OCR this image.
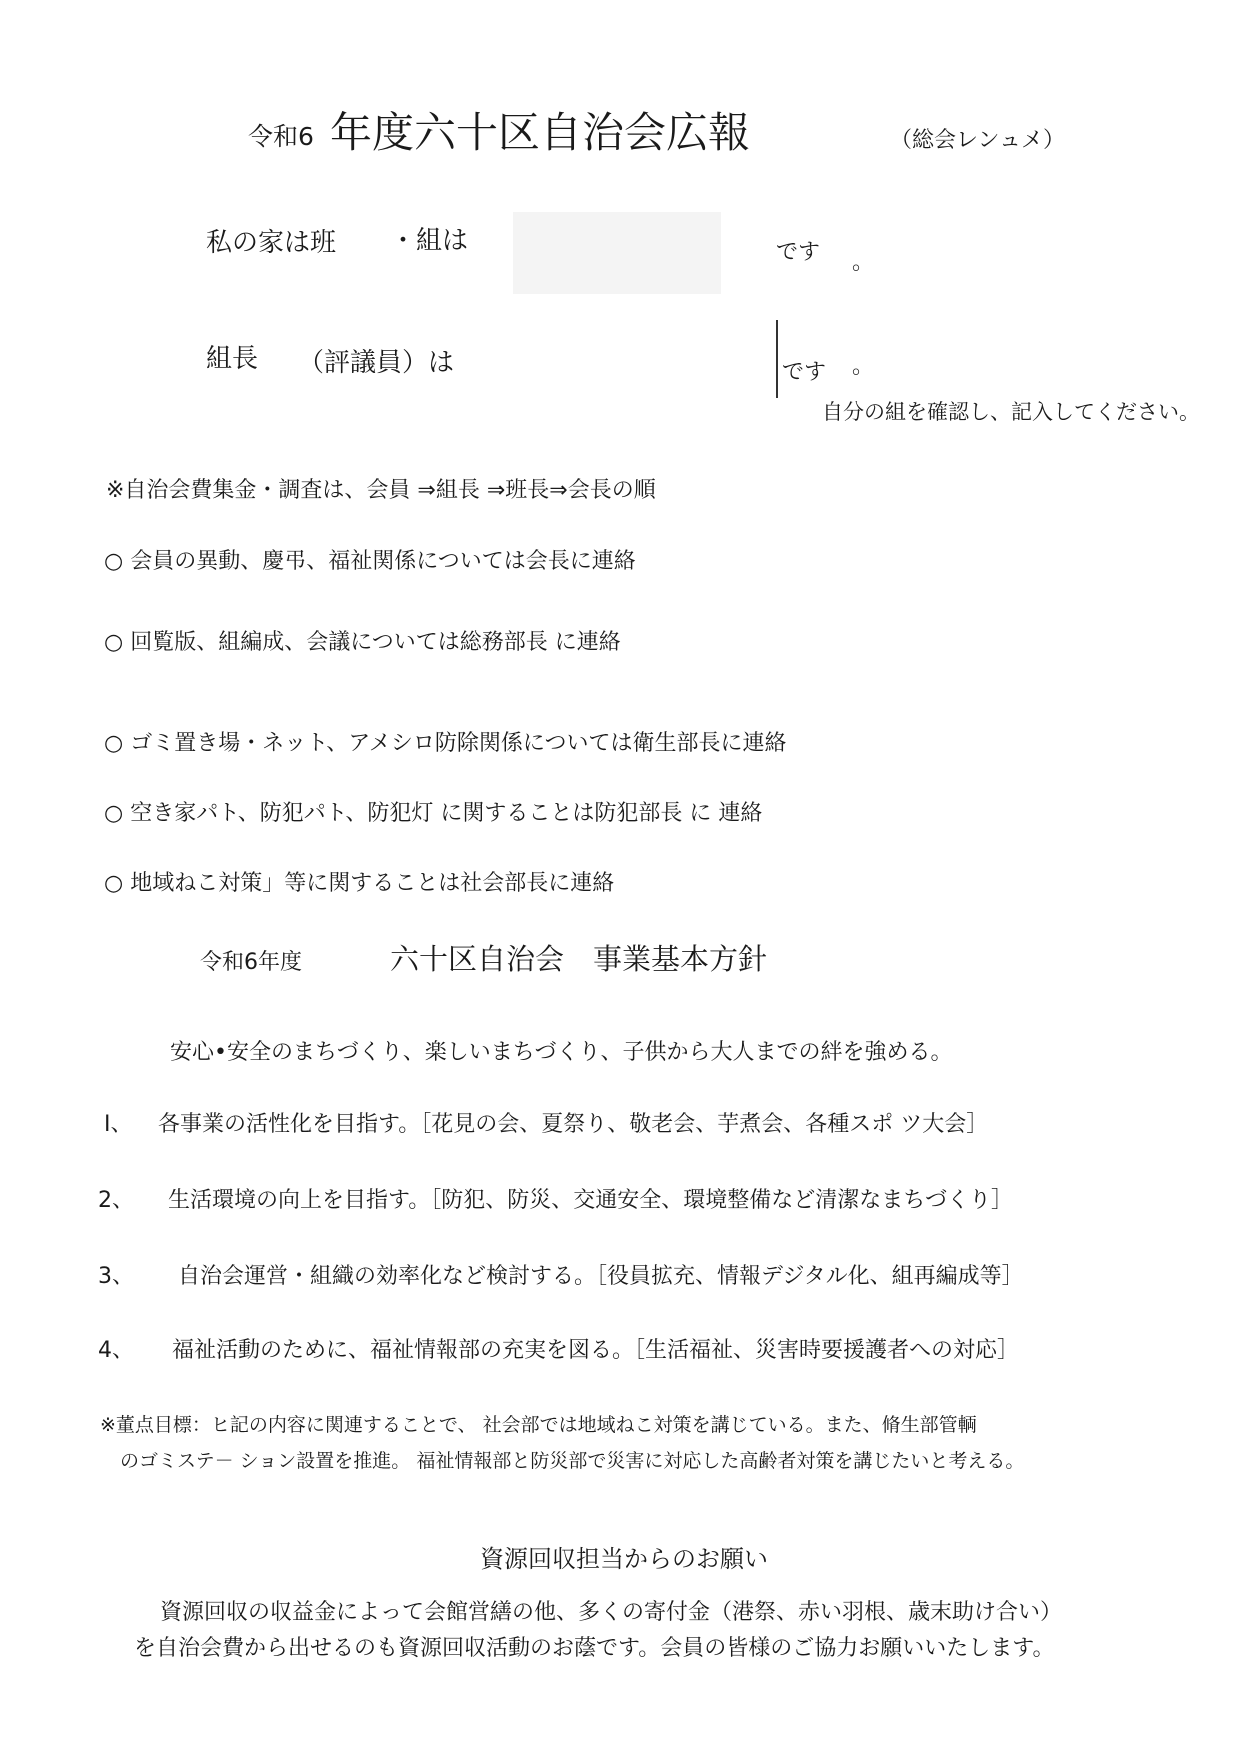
令和6 年度六十区自治会広報	（総会レンュメ）
私の家は班 ・組は	です 。
組長 （評議員）は	です 。
自分の組を確認し、記入してください。
※自治会費集金・調査は、会員 ⇒組長 ⇒班長⇒会長の順
○ 会員の異動、慶弔、福祉関係については会長に連絡
○ 回覧版、組編成、会議については総務部長 に連絡
○ ゴミ置き場・ネット、アメシロ防除関係については衛生部長に連絡
○ 空き家パト、防犯パト、防犯灯 に関することは防犯部長 に 連絡
○ 地域ねこ対策」等に関することは社会部長に連絡
令和6年度	六十区自治会　事業基本方針
安心•安全のまちづくり、楽しいまちづくり、子供から大人までの絆を強める。
I、 各事業の活性化を目指す。［花見の会、夏祭り、敬老会、芋煮会、各種スポ ツ大会］
2、 生活環境の向上を目指す。［防犯、防災、交通安全、環境整備など清潔なまちづくり］
3、 自治会運営・組織の効率化など検討する。［役員拡充、情報デジタル化、組再編成等］
4、 福祉活動のために、福祉情報部の充実を図る。［生活福祉、災害時要援護者への対応］
※董点目標：ヒ記の内容に関連することで、 社会部では地域ねこ対策を講じている。また、脩生部管輌
のゴミステ－ ション設置を推進。 福祉情報部と防災部で災害に対応した高齢者対策を講じたいと考える。
資源回収担当からのお願い
資源回収の収益金によって会館営繕の他、多くの寄付金（港祭、赤い羽根、歳末助け合い）
を自治会費から出せるのも資源回収活動のお蔭です。会員の皆様のご協力お願いいたします。
